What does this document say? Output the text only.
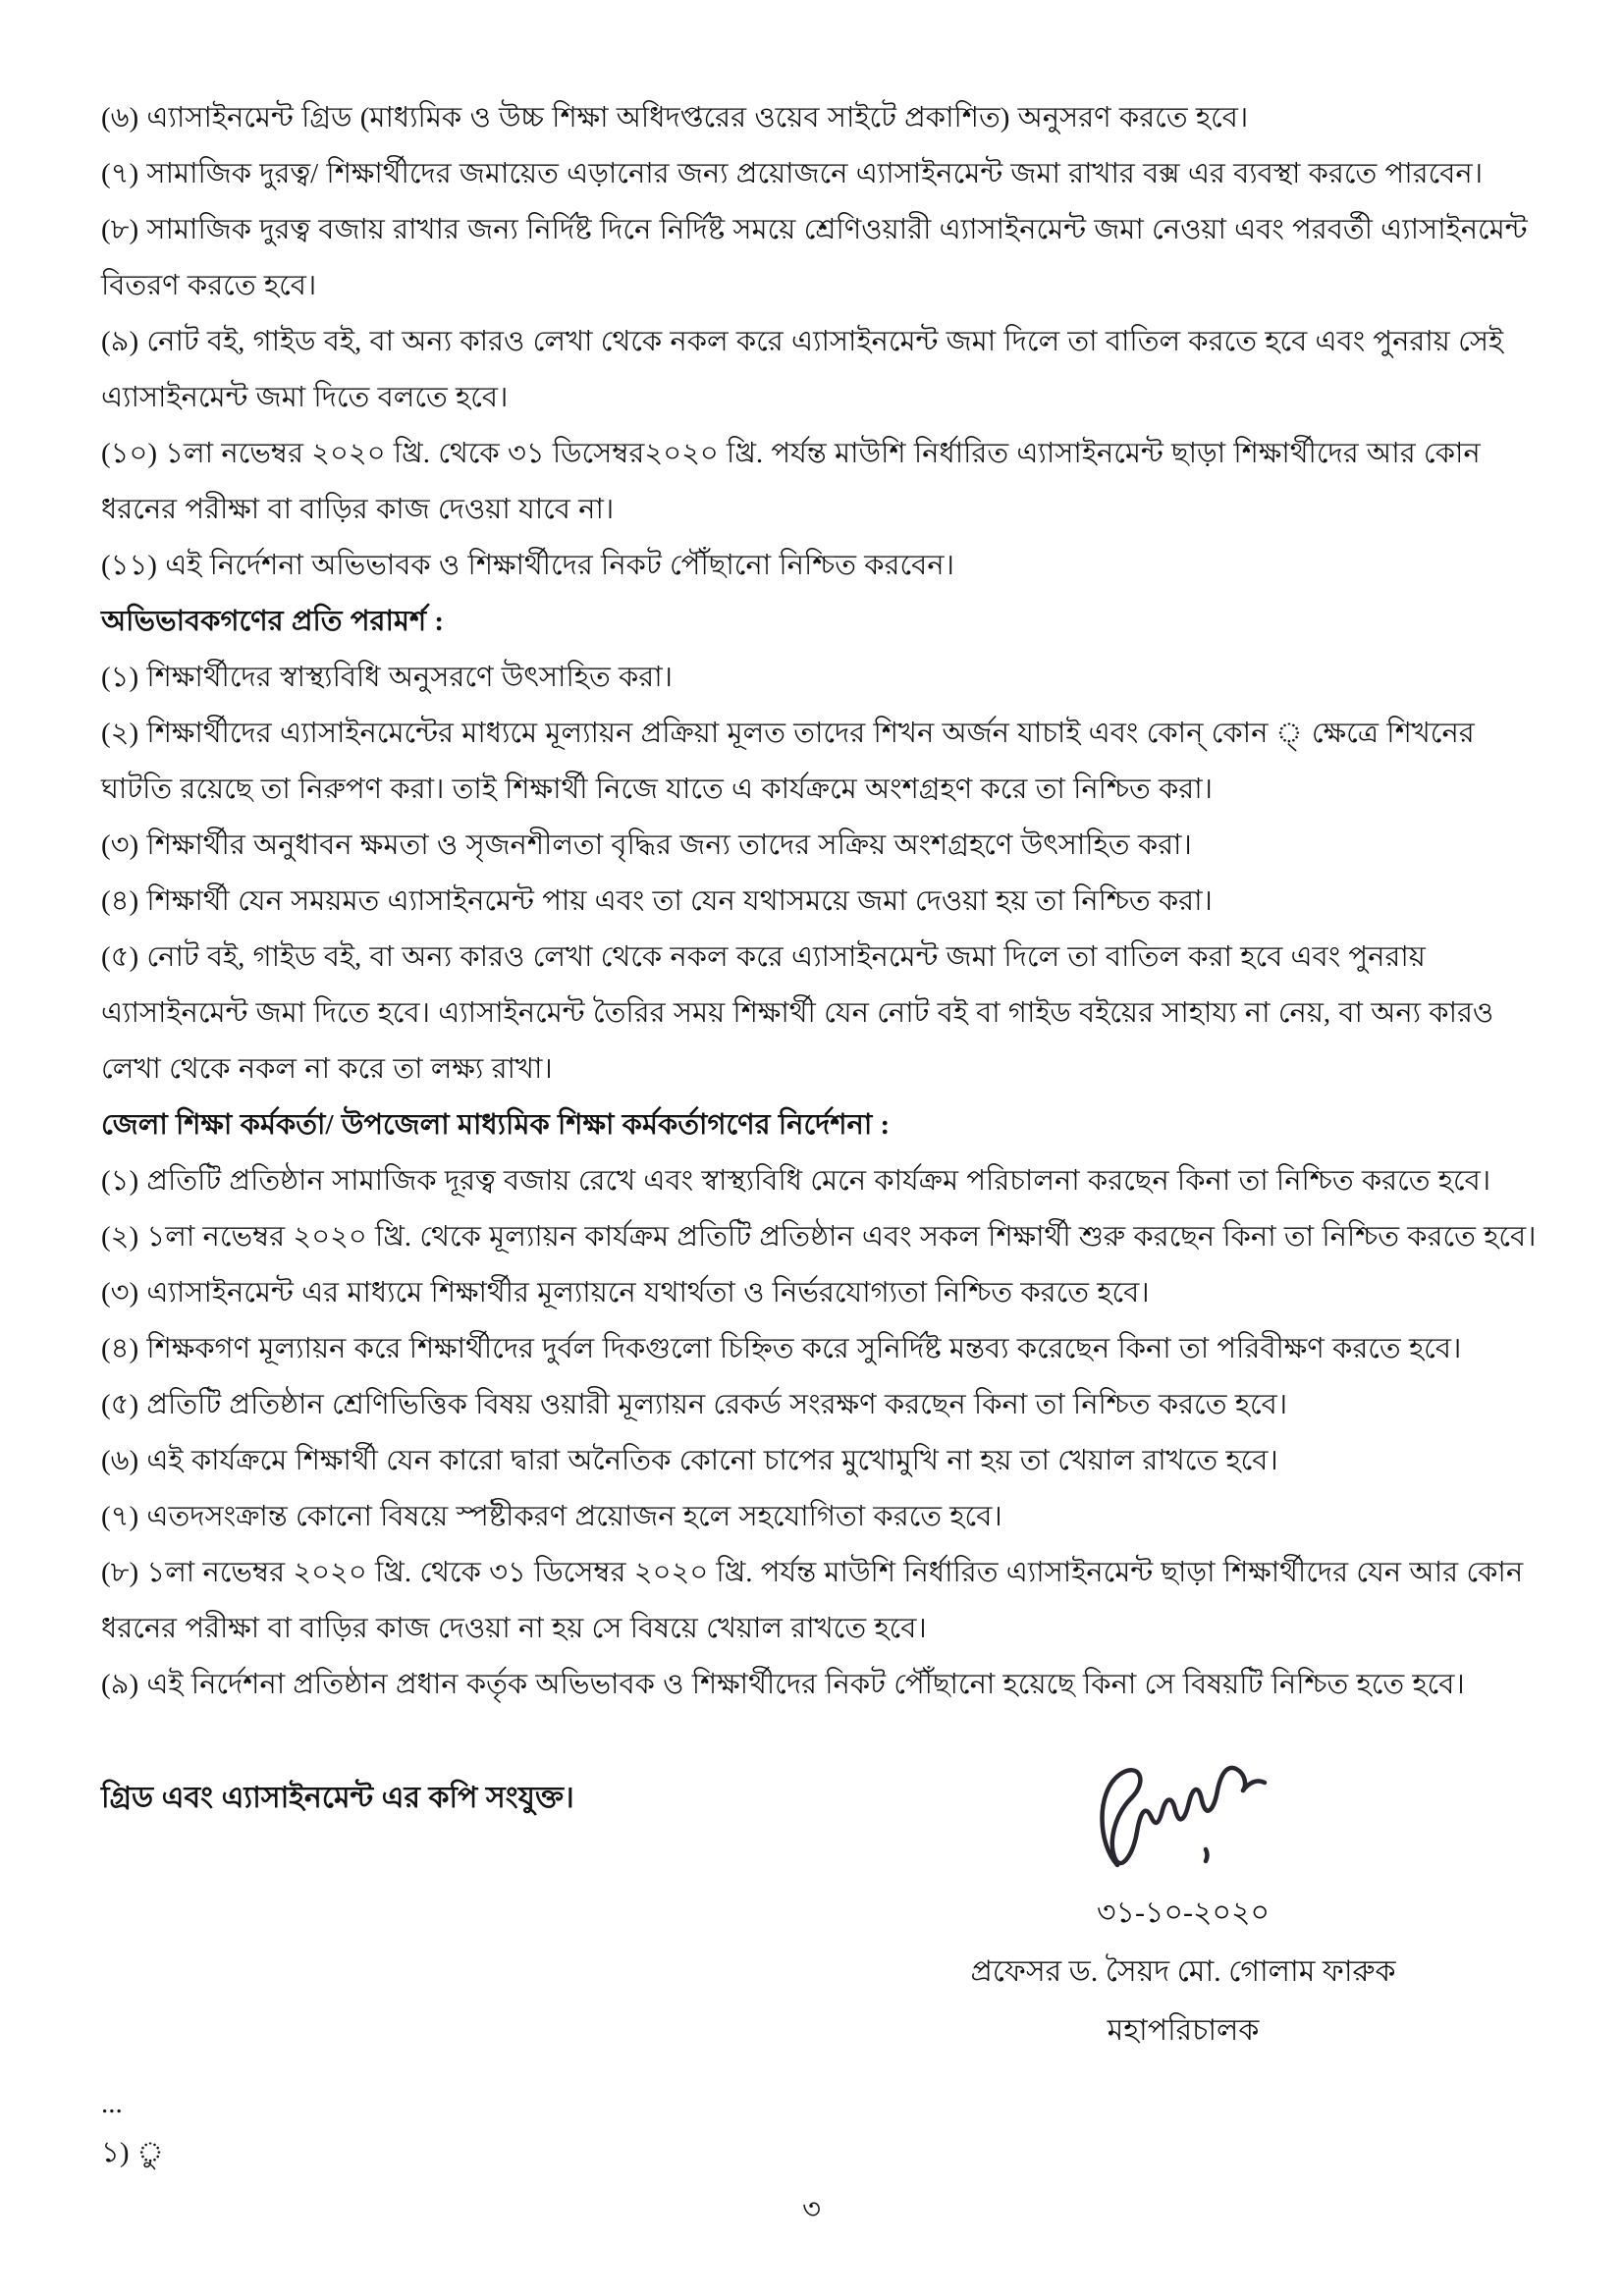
(৬) এ্যাসাইনমেন্ট গ্রিড (মাধ্যমিক ও উচ্চ শিক্ষা অধিদপ্তরের ওয়েব সাইটে প্রকাশিত) অনুসরণ করতে হবে।

(৭) সামাজিক দুরত্ব/ শিক্ষার্থীদের জমায়েত এড়ানোর জন্য প্রয়োজনে এ্যাসাইনমেন্ট জমা রাখার বক্স এর ব্যবস্থা করতে পারবেন।

(৮) সামাজিক দুরত্ব বজায় রাখার জন্য নির্দিষ্ট দিনে নির্দিষ্ট সময়ে শ্রেণিওয়ারী এ্যাসাইনমেন্ট জমা নেওয়া এবং পরবর্তী এ্যাসাইনমেন্ট বিতরণ করতে হবে।

(৯) নোট বই, গাইড বই, বা অন্য কারও লেখা থেকে নকল করে এ্যাসাইনমেন্ট জমা দিলে তা বাতিল করতে হবে এবং পুনরায় সেই এ্যাসাইনমেন্ট জমা দিতে বলতে হবে।

(১০) ১লা নভেম্বর ২০২০ খ্রি. থেকে ৩১ ডিসেম্বর২০২০ খ্রি. পর্যন্ত মাউশি নির্ধারিত এ্যাসাইনমেন্ট ছাড়া শিক্ষার্থীদের আর কোন ধরনের পরীক্ষা বা বাড়ির কাজ দেওয়া যাবে না।

(১১) এই নির্দেশনা অভিভাবক ও শিক্ষার্থীদের নিকট পৌঁছানো নিশ্চিত করবেন।

অভিভাবকগণের প্রতি পরামর্শ :

(১) শিক্ষার্থীদের স্বাস্থ্যবিধি অনুসরণে উৎসাহিত করা।

(২) শিক্ষার্থীদের এ্যাসাইনমেন্টের মাধ্যমে মূল্যায়ন প্রক্রিয়া মূলত তাদের শিখন অর্জন যাচাই এবং কোন্ কোন ্ ক্ষেত্রে শিখনের ঘাটতি রয়েছে তা নিরুপণ করা। তাই শিক্ষার্থী নিজে যাতে এ কার্যক্রমে অংশগ্রহণ করে তা নিশ্চিত করা।

(৩) শিক্ষার্থীর অনুধাবন ক্ষমতা ও সৃজনশীলতা বৃদ্ধির জন্য তাদের সক্রিয় অংশগ্রহণে উৎসাহিত করা।

(৪) শিক্ষার্থী যেন সময়মত এ্যাসাইনমেন্ট পায় এবং তা যেন যথাসময়ে জমা দেওয়া হয় তা নিশ্চিত করা।

(৫) নোট বই, গাইড বই, বা অন্য কারও লেখা থেকে নকল করে এ্যাসাইনমেন্ট জমা দিলে তা বাতিল করা হবে এবং পুনরায় এ্যাসাইনমেন্ট জমা দিতে হবে। এ্যাসাইনমেন্ট তৈরির সময় শিক্ষার্থী যেন নোট বই বা গাইড বইয়ের সাহায্য না নেয়, বা অন্য কারও লেখা থেকে নকল না করে তা লক্ষ্য রাখা।

জেলা শিক্ষা কর্মকর্তা/ উপজেলা মাধ্যমিক শিক্ষা কর্মকর্তাগণের নির্দেশনা :

(১) প্রতিটি প্রতিষ্ঠান সামাজিক দূরত্ব বজায় রেখে এবং স্বাস্থ্যবিধি মেনে কার্যক্রম পরিচালনা করছেন কিনা তা নিশ্চিত করতে হবে।

(২) ১লা নভেম্বর ২০২০ খ্রি. থেকে মূল্যায়ন কার্যক্রম প্রতিটি প্রতিষ্ঠান এবং সকল শিক্ষার্থী শুরু করছেন কিনা তা নিশ্চিত করতে হবে।

(৩) এ্যাসাইনমেন্ট এর মাধ্যমে শিক্ষার্থীর মূল্যায়নে যথার্থতা ও নির্ভরযোগ্যতা নিশ্চিত করতে হবে।

(৪) শিক্ষকগণ মূল্যায়ন করে শিক্ষার্থীদের দুর্বল দিকগুলো চিহ্নিত করে সুনির্দিষ্ট মন্তব্য করেছেন কিনা তা পরিবীক্ষণ করতে হবে।

(৫) প্রতিটি প্রতিষ্ঠান শ্রেণিভিত্তিক বিষয় ওয়ারী মূল্যায়ন রেকর্ড সংরক্ষণ করছেন কিনা তা নিশ্চিত করতে হবে।

(৬) এই কার্যক্রমে শিক্ষার্থী যেন কারো দ্বারা অনৈতিক কোনো চাপের মুখোমুখি না হয় তা খেয়াল রাখতে হবে।

(৭) এতদসংক্রান্ত কোনো বিষয়ে স্পষ্টীকরণ প্রয়োজন হলে সহযোগিতা করতে হবে।

(৮) ১লা নভেম্বর ২০২০ খ্রি. থেকে ৩১ ডিসেম্বর ২০২০ খ্রি. পর্যন্ত মাউশি নির্ধারিত এ্যাসাইনমেন্ট ছাড়া শিক্ষার্থীদের যেন আর কোন ধরনের পরীক্ষা বা বাড়ির কাজ দেওয়া না হয় সে বিষয়ে খেয়াল রাখতে হবে।

(৯) এই নির্দেশনা প্রতিষ্ঠান প্রধান কর্তৃক অভিভাবক ও শিক্ষার্থীদের নিকট পৌঁছানো হয়েছে কিনা সে বিষয়টি নিশ্চিত হতে হবে।

গ্রিড এবং এ্যাসাইনমেন্ট এর কপি সংযুক্ত।

৩১-১০-২০২০
প্রফেসর ড. সৈয়দ মো. গোলাম ফারুক
মহাপরিচালক
...
১) ু
৩
